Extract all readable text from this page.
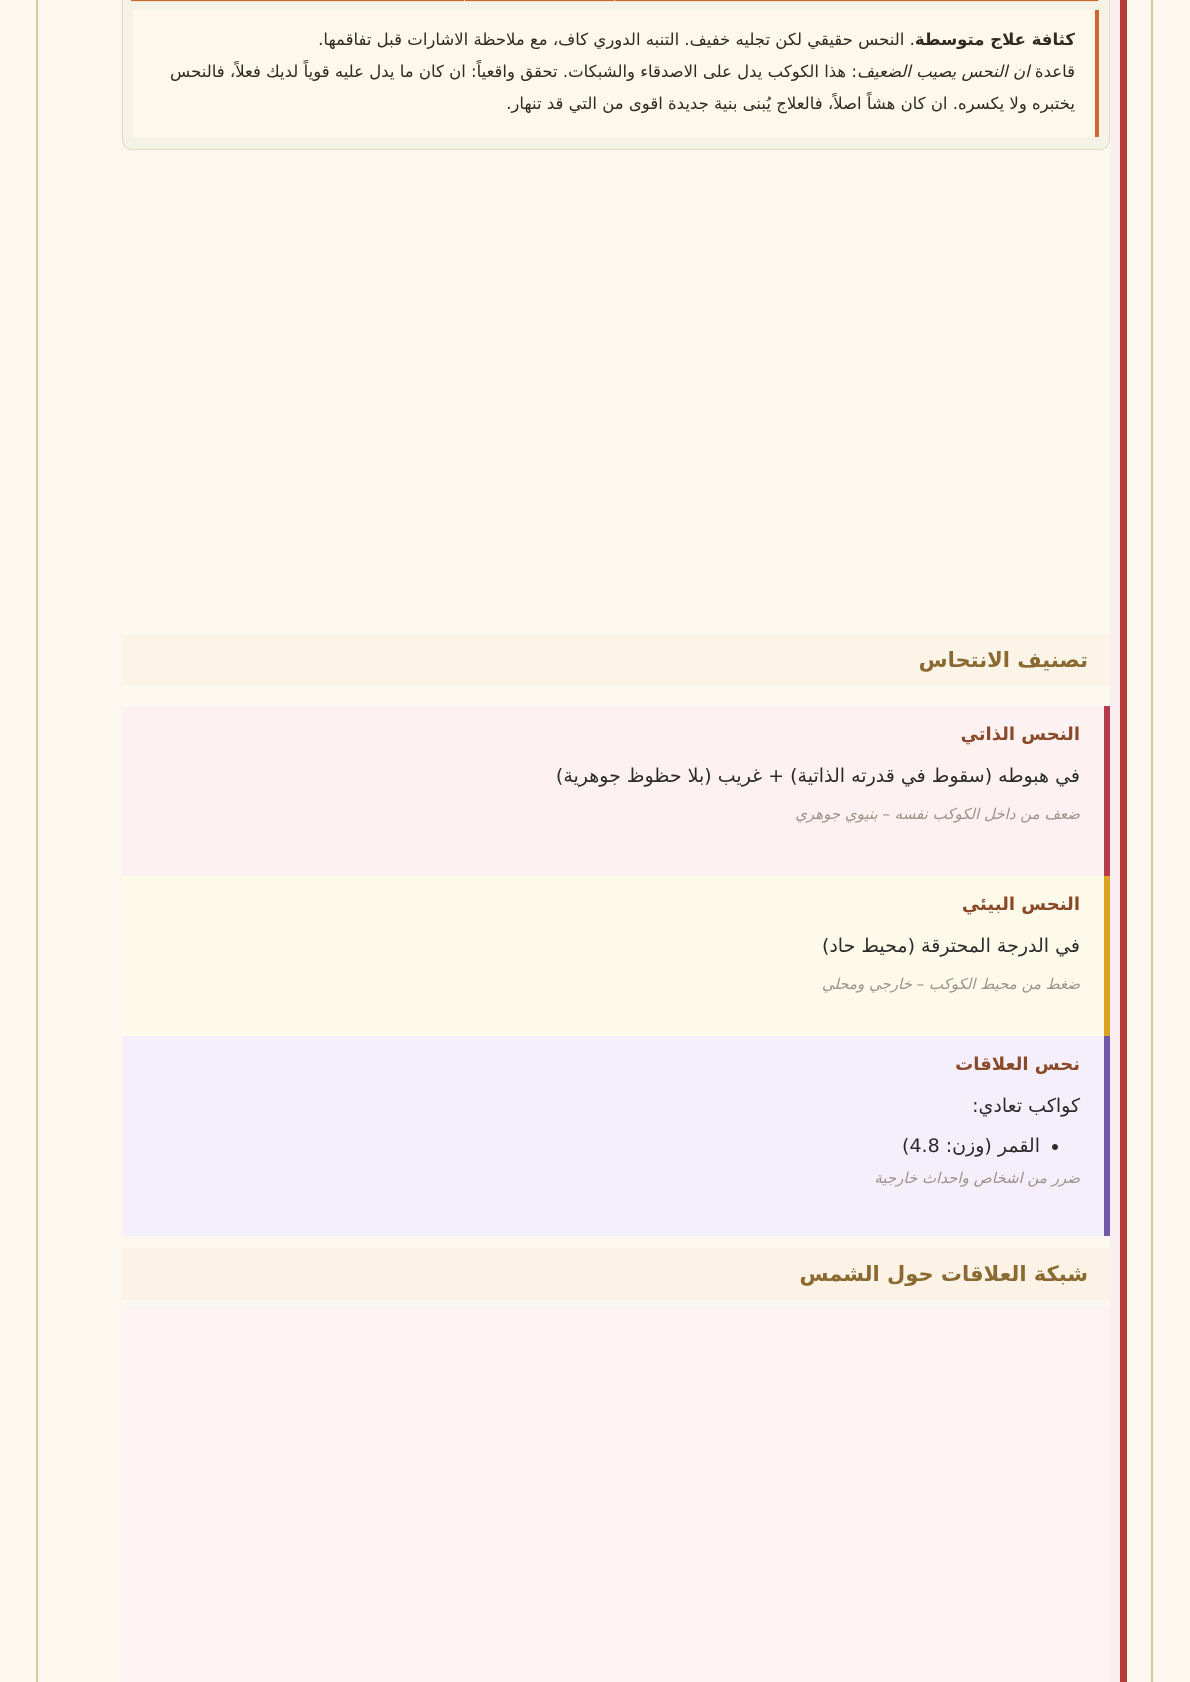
كثافة علاج متوسطة. النحس حقيقي لكن تجليه خفيف. التنبه الدوري كاف، مع ملاحظة الاشارات قبل تفاقمها.
قاعدة ان النحس يصيب الضعيف: هذا الكوكب يدل على الاصدقاء والشبكات. تحقق واقعياً: ان كان ما يدل عليه قوياً لديك فعلاً، فالنحس يختبره ولا يكسره. ان كان هشاً اصلاً، فالعلاج يُبنى بنية جديدة اقوى من التي قد تنهار.
تصنيف الانتحاس

النحس الذاتي

في هبوطه (سقوط في قدرته الذاتية) + غريب (بلا حظوظ جوهرية)

ضعف من داخل الكوكب نفسه – بنيوي جوهري

النحس البيئي

في الدرجة المحترقة (محيط حاد)

ضغط من محيط الكوكب – خارجي ومحلي

نحس العلاقات

كواكب تعادي:

• القمر (وزن: 4.8)

ضرر من اشخاص واحداث خارجية

شبكة العلاقات حول الشمس
